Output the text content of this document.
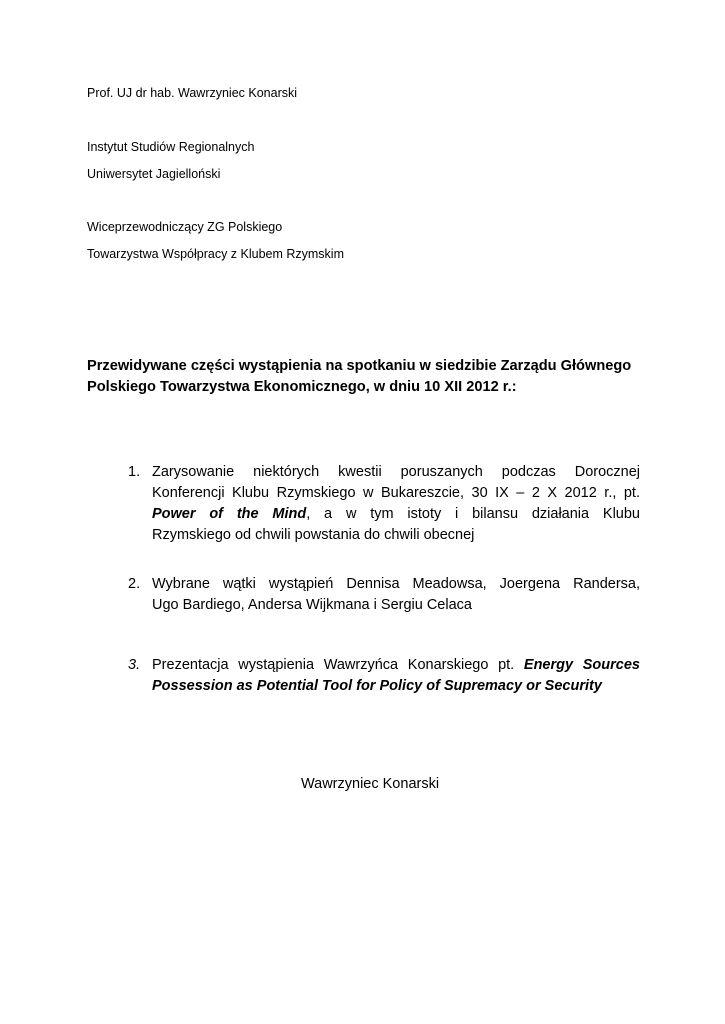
Prof. UJ dr hab. Wawrzyniec Konarski
Instytut Studiów Regionalnych
Uniwersytet Jagielloński
Wiceprzewodniczący ZG Polskiego
Towarzystwa Współpracy z Klubem Rzymskim
Przewidywane części wystąpienia na spotkaniu w siedzibie Zarządu Głównego
Polskiego Towarzystwa Ekonomicznego, w dniu 10 XII 2012 r.:
1. Zarysowanie niektórych kwestii poruszanych podczas Dorocznej
Konferencji Klubu Rzymskiego w Bukareszcie, 30 IX – 2 X 2012 r., pt.
Power of the Mind, a w tym istoty i bilansu działania Klubu
Rzymskiego od chwili powstania do chwili obecnej
2. Wybrane wątki wystąpień Dennisa Meadowsa, Joergena Randersa,
Ugo Bardiego, Andersa Wijkmana i Sergiu Celaca
3. Prezentacja wystąpienia Wawrzyńca Konarskiego pt. Energy Sources
Possession as Potential Tool for Policy of Supremacy or Security
Wawrzyniec Konarski
